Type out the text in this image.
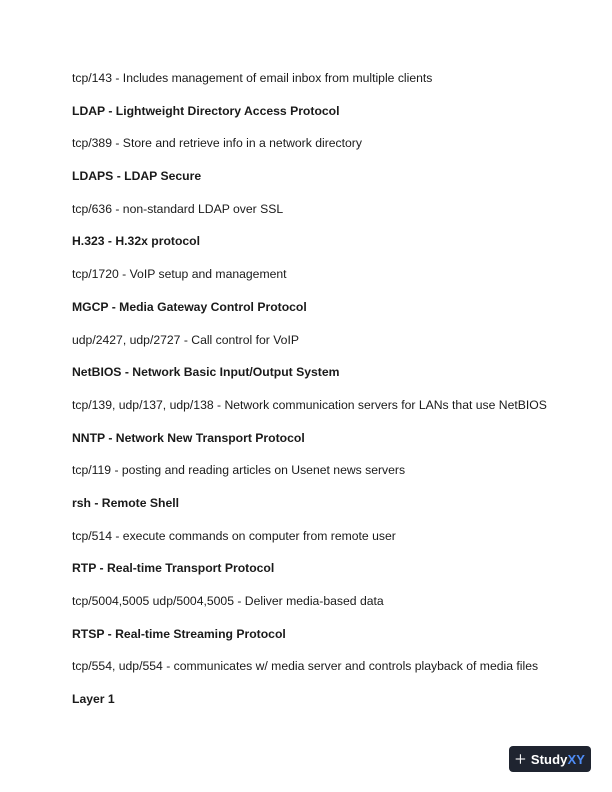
tcp/143 - Includes management of email inbox from multiple clients
LDAP - Lightweight Directory Access Protocol
tcp/389 - Store and retrieve info in a network directory
LDAPS - LDAP Secure
tcp/636 - non-standard LDAP over SSL
H.323 - H.32x protocol
tcp/1720 - VoIP setup and management
MGCP - Media Gateway Control Protocol
udp/2427, udp/2727 - Call control for VoIP
NetBIOS - Network Basic Input/Output System
tcp/139, udp/137, udp/138 - Network communication servers for LANs that use NetBIOS
NNTP - Network New Transport Protocol
tcp/119 - posting and reading articles on Usenet news servers
rsh - Remote Shell
tcp/514 - execute commands on computer from remote user
RTP - Real-time Transport Protocol
tcp/5004,5005 udp/5004,5005 - Deliver media-based data
RTSP - Real-time Streaming Protocol
tcp/554, udp/554 - communicates w/ media server and controls playback of media files
Layer 1
StudyXY
